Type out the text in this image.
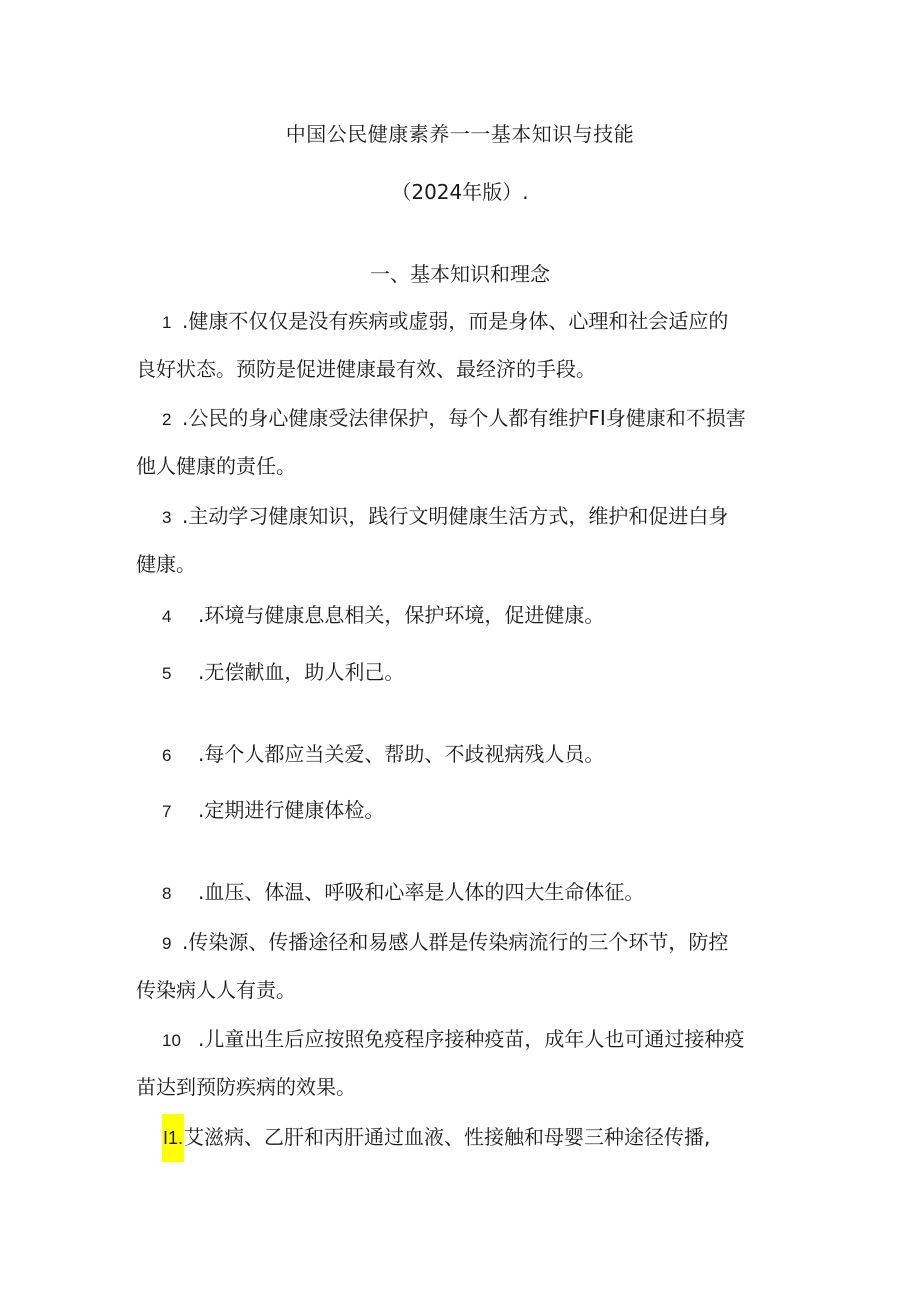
中国公民健康素养一一基本知识与技能
（2024年版）.
一、基本知识和理念
1 .健康不仅仅是没有疾病或虚弱，而是身体、心理和社会适应的
良好状态。预防是促进健康最有效、最经济的手段。
2 .公民的身心健康受法律保护，每个人都有维护FI身健康和不损害
他人健康的责任。
3 .主动学习健康知识，践行文明健康生活方式，维护和促进白身
健康。
4 .环境与健康息息相关，保护环境，促进健康。
5 .无偿献血，助人利己。
6 .每个人都应当关爱、帮助、不歧视病残人员。
7 .定期进行健康体检。
8 .血压、体温、呼吸和心率是人体的四大生命体征。
9 .传染源、传播途径和易感人群是传染病流行的三个环节，防控
传染病人人有责。
10 .儿童出生后应按照免疫程序接种疫苗，成年人也可通过接种疫
苗达到预防疾病的效果。
I1.艾滋病、乙肝和丙肝通过血液、性接触和母婴三种途径传播,
